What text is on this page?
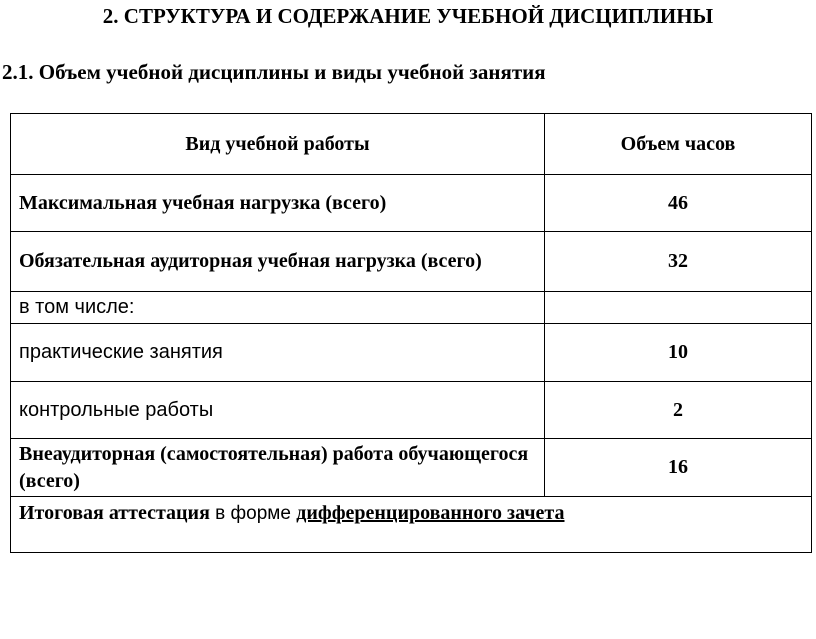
2. СТРУКТУРА И СОДЕРЖАНИЕ УЧЕБНОЙ ДИСЦИПЛИНЫ
2.1. Объем учебной дисциплины и виды учебной занятия
Вид учебной работы	Объем часов
Максимальная учебная нагрузка (всего)	46
Обязательная аудиторная учебная нагрузка (всего)	32
в том числе:	
практические занятия	10
контрольные работы	2
Внеаудиторная (самостоятельная) работа обучающегося (всего)	16
Итоговая аттестация в форме дифференцированного зачета	
